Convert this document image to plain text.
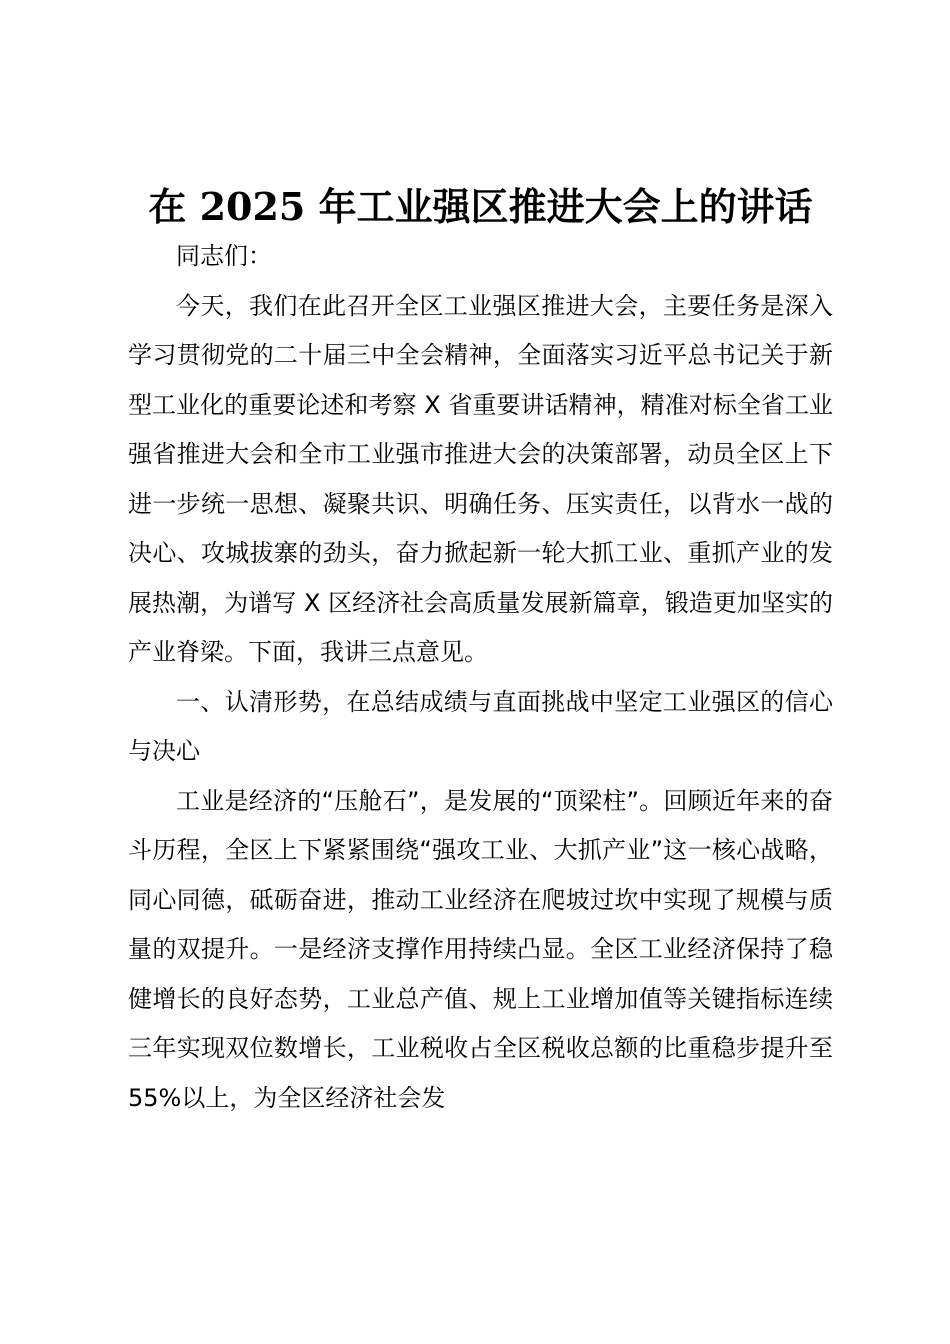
在 2025 年工业强区推进大会上的讲话

同志们：

今天，我们在此召开全区工业强区推进大会，主要任务是深入学习贯彻党的二十届三中全会精神，全面落实习近平总书记关于新型工业化的重要论述和考察 X 省重要讲话精神，精准对标全省工业强省推进大会和全市工业强市推进大会的决策部署，动员全区上下进一步统一思想、凝聚共识、明确任务、压实责任，以背水一战的决心、攻城拔寨的劲头，奋力掀起新一轮大抓工业、重抓产业的发展热潮，为谱写 X 区经济社会高质量发展新篇章，锻造更加坚实的产业脊梁。下面，我讲三点意见。

一、认清形势，在总结成绩与直面挑战中坚定工业强区的信心与决心

工业是经济的“压舱石”，是发展的“顶梁柱”。回顾近年来的奋斗历程，全区上下紧紧围绕“强攻工业、大抓产业”这一核心战略，同心同德，砥砺奋进，推动工业经济在爬坡过坎中实现了规模与质量的双提升。一是经济支撑作用持续凸显。全区工业经济保持了稳健增长的良好态势，工业总产值、规上工业增加值等关键指标连续三年实现双位数增长，工业税收占全区税收总额的比重稳步提升至 55%以上，为全区经济社会发
